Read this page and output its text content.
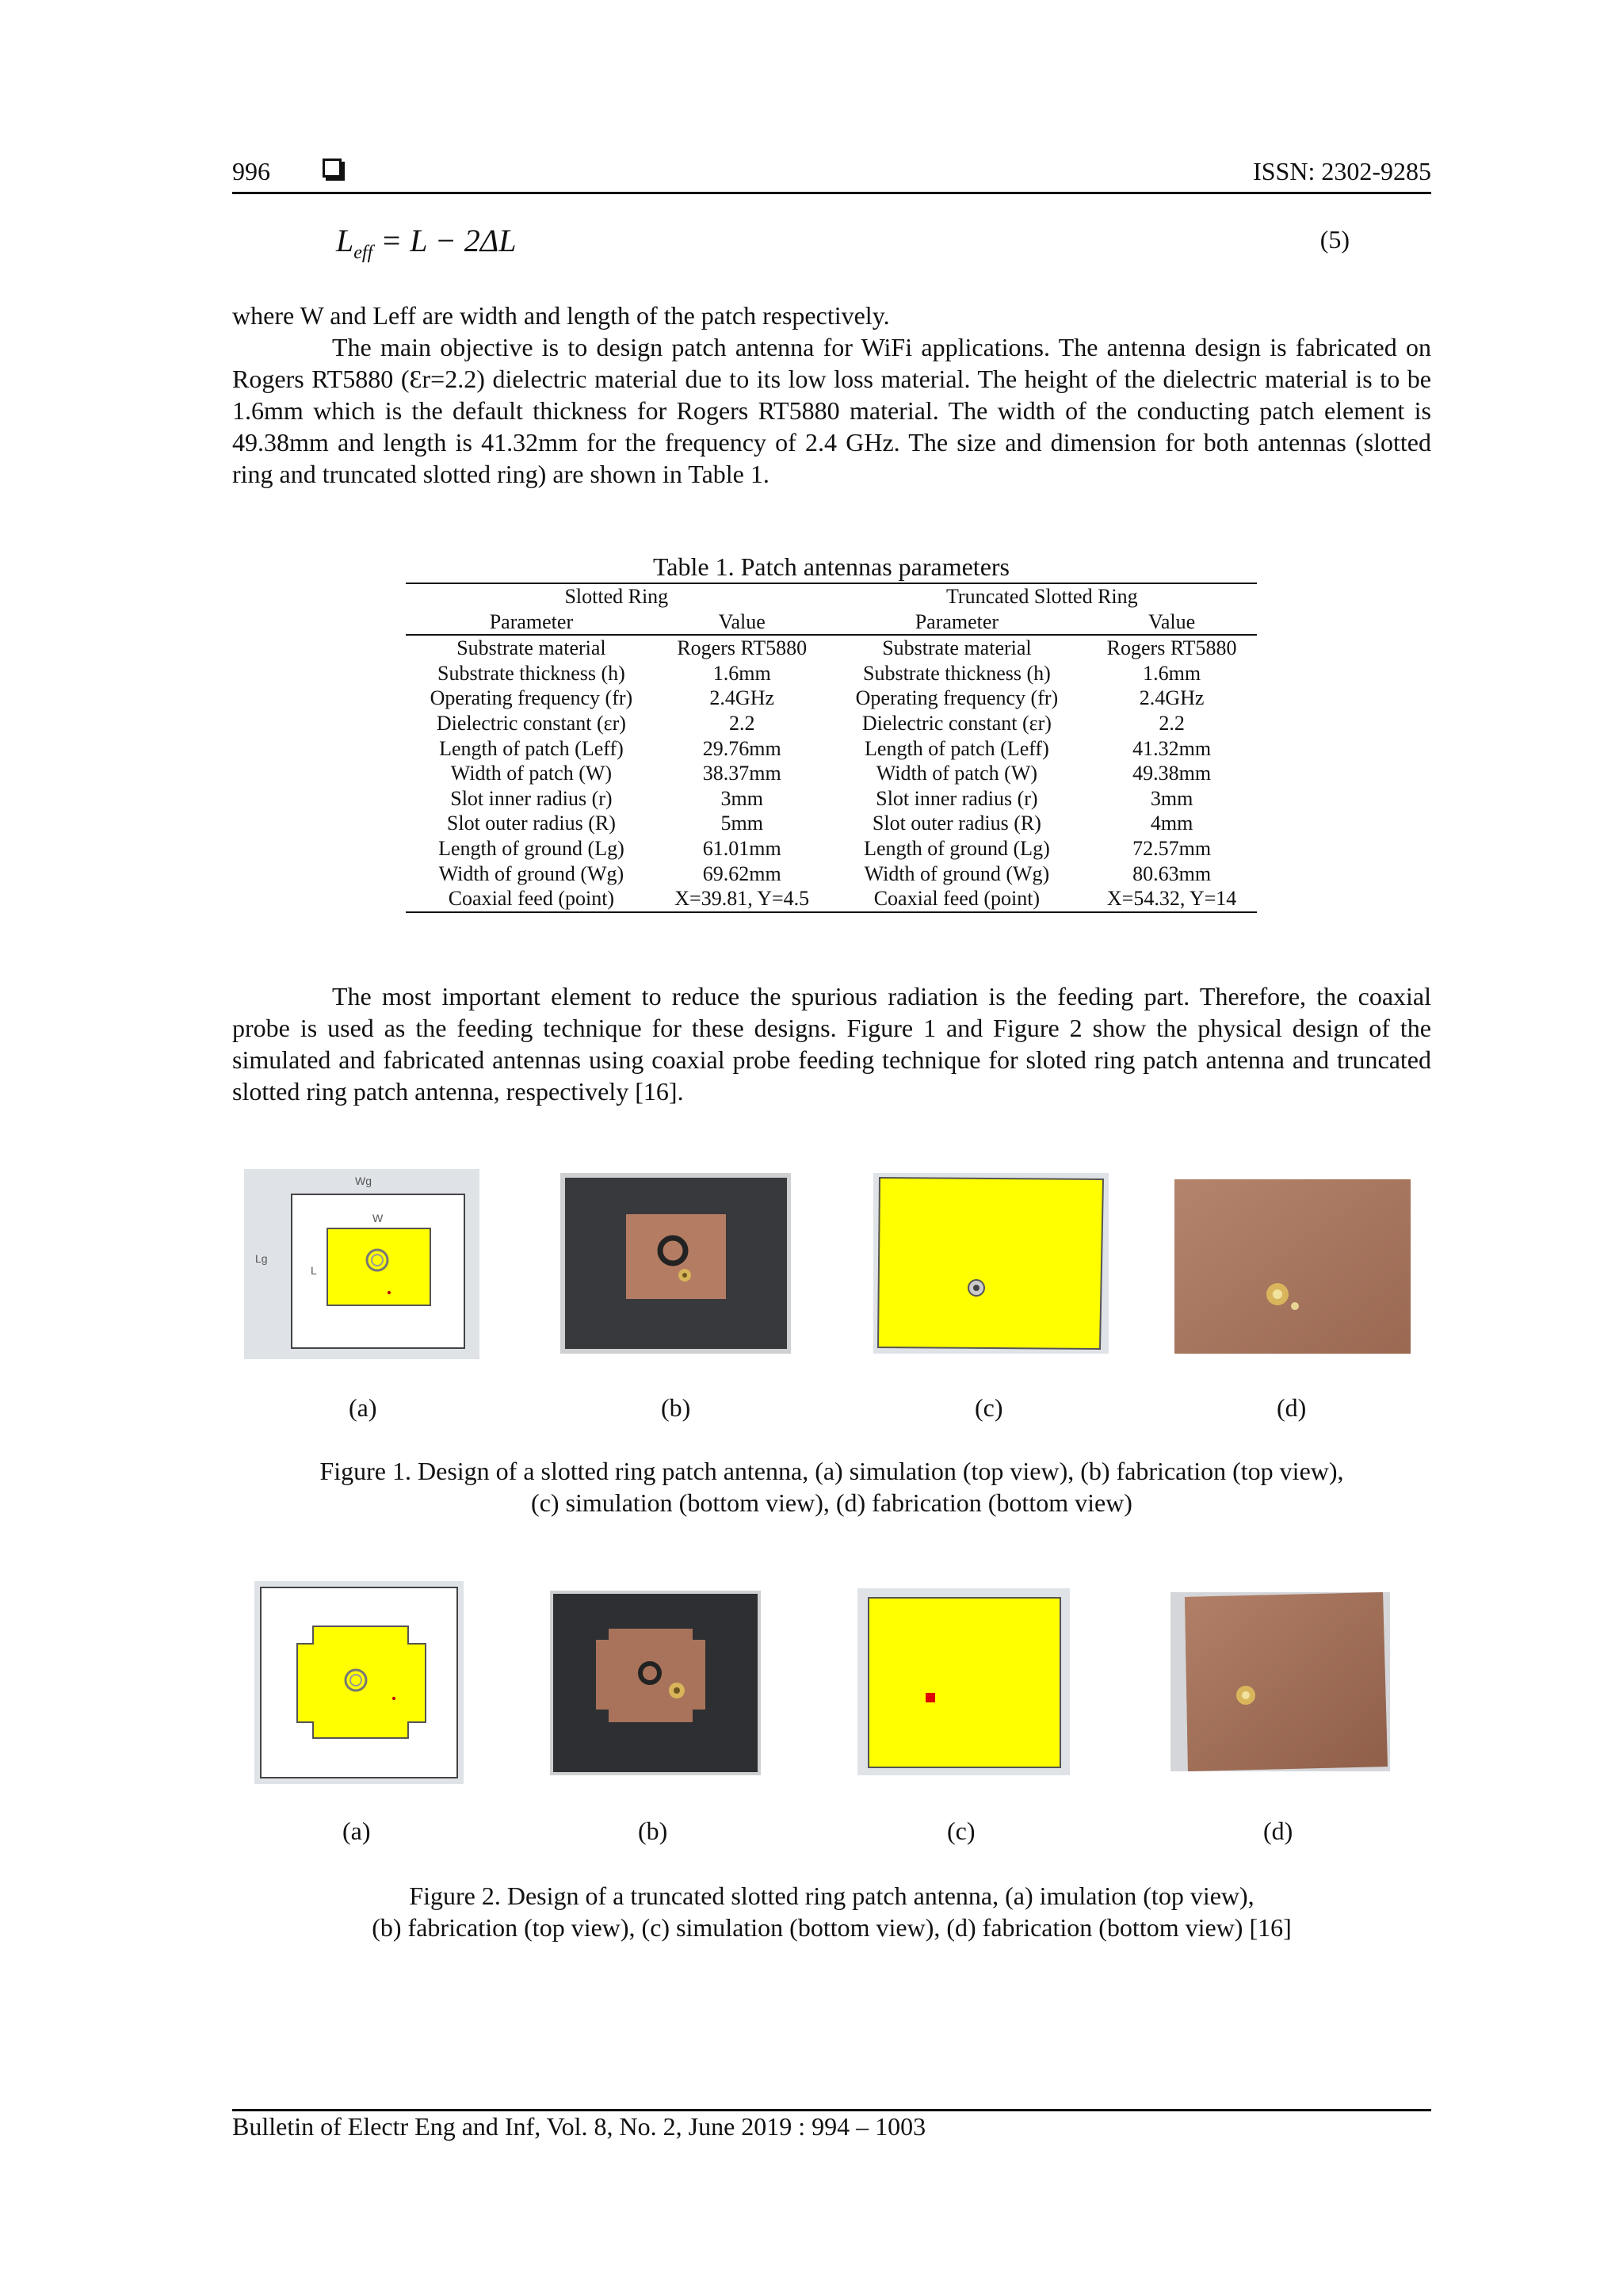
996	ISSN: 2302-9285
$L_{eff} = L - 2\Delta L$	(5)
where W and Leff are width and length of the patch respectively.
The main objective is to design patch antenna for WiFi applications. The antenna design is fabricated on Rogers RT5880 (Ɛr=2.2) dielectric material due to its low loss material. The height of the dielectric material is to be 1.6mm which is the default thickness for Rogers RT5880 material. The width of the conducting patch element is 49.38mm and length is 41.32mm for the frequency of 2.4 GHz. The size and dimension for both antennas (slotted ring and truncated slotted ring) are shown in Table 1.
Table 1. Patch antennas parameters
Slotted Ring		Truncated Slotted Ring	
Parameter	Value	Parameter	Value
Substrate material	Rogers RT5880	Substrate material	Rogers RT5880
Substrate thickness (h)	1.6mm	Substrate thickness (h)	1.6mm
Operating frequency (fr)	2.4GHz	Operating frequency (fr)	2.4GHz
Dielectric constant (εr)	2.2	Dielectric constant (εr)	2.2
Length of patch (Leff)	29.76mm	Length of patch (Leff)	41.32mm
Width of patch (W)	38.37mm	Width of patch (W)	49.38mm
Slot inner radius (r)	3mm	Slot inner radius (r)	3mm
Slot outer radius (R)	5mm	Slot outer radius (R)	4mm
Length of ground (Lg)	61.01mm	Length of ground (Lg)	72.57mm
Width of ground (Wg)	69.62mm	Width of ground (Wg)	80.63mm
Coaxial feed (point)	X=39.81, Y=4.5	Coaxial feed (point)	X=54.32, Y=14
The most important element to reduce the spurious radiation is the feeding part. Therefore, the coaxial probe is used as the feeding technique for these designs. Figure 1 and Figure 2 show the physical design of the simulated and fabricated antennas using coaxial probe feeding technique for sloted ring patch antenna and truncated slotted ring patch antenna, respectively [16].
Wg
W
Lg
L
(a)	(b)	(c)	(d)
Figure 1. Design of a slotted ring patch antenna, (a) simulation (top view), (b) fabrication (top view),
(c) simulation (bottom view), (d) fabrication (bottom view)
(a)	(b)	(c)	(d)
Figure 2. Design of a truncated slotted ring patch antenna, (a) imulation (top view),
(b) fabrication (top view), (c) simulation (bottom view), (d) fabrication (bottom view) [16]
Bulletin of Electr Eng and Inf, Vol. 8, No. 2, June 2019 : 994 – 1003
